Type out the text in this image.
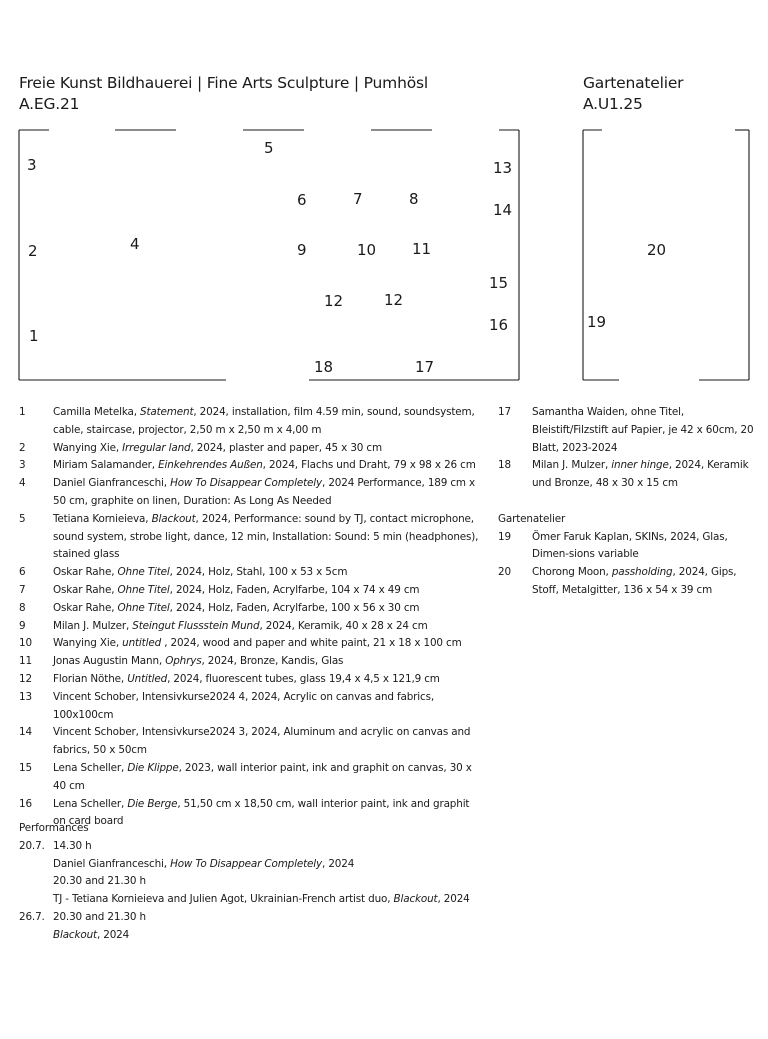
Freie Kunst Bildhauerei | Fine Arts Sculpture | Pumhösl
A.EG.21
Gartenatelier
A.U1.25
3
5
13
6	7	8
14
4
2	9	10 11
15
12	12
16
1
18	17
20
19
1	Camilla Metelka, Statement, 2024, installation, film 4.59 min, sound, soundsystem, cable, staircase, projector, 2,50 m x 2,50 m x 4,00 m
2	Wanying Xie, Irregular land, 2024, plaster and paper, 45 x 30 cm
3	Miriam Salamander, Einkehrendes Außen, 2024, Flachs und Draht, 79 x 98 x 26 cm
4	Daniel Gianfranceschi, How To Disappear Completely, 2024 Performance, 189 cm x 50 cm, graphite on linen, Duration: As Long As Needed
5	Tetiana Kornieieva, Blackout, 2024, Performance: sound by TJ, contact microphone, sound system, strobe light, dance, 12 min, Installation: Sound: 5 min (headphones), stained glass
6	Oskar Rahe, Ohne Titel, 2024, Holz, Stahl, 100 x 53 x 5cm
7	Oskar Rahe, Ohne Titel, 2024, Holz, Faden, Acrylfarbe, 104 x 74 x 49 cm
8	Oskar Rahe, Ohne Titel, 2024, Holz, Faden, Acrylfarbe, 100 x 56 x 30 cm
9	Milan J. Mulzer, Steingut Flussstein Mund, 2024, Keramik, 40 x 28 x 24 cm
10	Wanying Xie, untitled , 2024, wood and paper and white paint, 21 x 18 x 100 cm
11	Jonas Augustin Mann, Ophrys, 2024, Bronze, Kandis, Glas
12	Florian Nöthe, Untitled, 2024, fluorescent tubes, glass 19,4 x 4,5 x 121,9 cm
13	Vincent Schober, Intensivkurse2024 4, 2024, Acrylic on canvas and fabrics, 100x100cm
14	Vincent Schober, Intensivkurse2024 3, 2024, Aluminum and acrylic on canvas and fabrics, 50 x 50cm
15	Lena Scheller, Die Klippe, 2023, wall interior paint, ink and graphit on canvas, 30 x 40 cm
16	Lena Scheller, Die Berge, 51,50 cm x 18,50 cm, wall interior paint, ink and graphit on card board
17	Samantha Waiden, ohne Titel, Bleistift/Filzstift auf Papier, je 42 x 60cm, 20 Blatt, 2023-2024
18	Milan J. Mulzer, inner hinge, 2024, Keramik und Bronze, 48 x 30 x 15 cm
Gartenatelier
19	Ömer Faruk Kaplan, SKINs, 2024, Glas, Dimen-sions variable
20	Chorong Moon, passholding, 2024, Gips, Stoff, Metalgitter, 136 x 54 x 39 cm
Performances
20.7. 14.30 h
Daniel Gianfranceschi, How To Disappear Completely, 2024
20.30 and 21.30 h
TJ - Tetiana Kornieieva and Julien Agot, Ukrainian-French artist duo, Blackout, 2024
26.7. 20.30 and 21.30 h
Blackout, 2024
